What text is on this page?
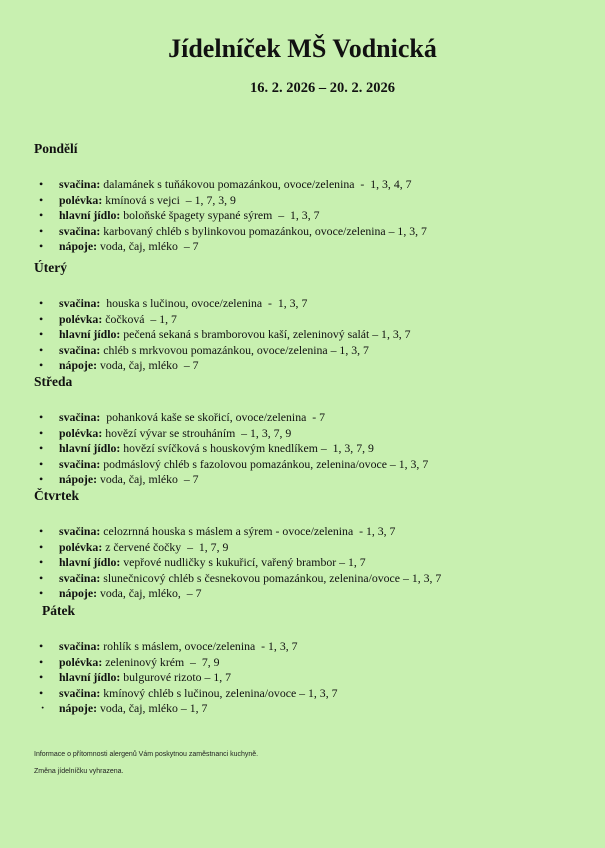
Jídelníček MŠ Vodnická
16. 2. 2026 – 20. 2. 2026
Pondělí
• svačina: dalamánek s tuňákovou pomazánkou, ovoce/zelenina  -  1, 3, 4, 7
• polévka: kmínová s vejci  – 1, 7, 3, 9
• hlavní jídlo: boloňské špagety sypané sýrem  –  1, 3, 7
• svačina: karbovaný chléb s bylinkovou pomazánkou, ovoce/zelenina – 1, 3, 7
• nápoje: voda, čaj, mléko  – 7
Úterý
• svačina:  houska s lučinou, ovoce/zelenina  -  1, 3, 7
• polévka: čočková  – 1, 7
• hlavní jídlo: pečená sekaná s bramborovou kaší, zeleninový salát – 1, 3, 7
• svačina: chléb s mrkvovou pomazánkou, ovoce/zelenina – 1, 3, 7
• nápoje: voda, čaj, mléko  – 7
Středa
• svačina:  pohanková kaše se skořicí, ovoce/zelenina  - 7
• polévka: hovězí vývar se strouháním  – 1, 3, 7, 9
• hlavní jídlo: hovězí svíčková s houskovým knedlíkem –  1, 3, 7, 9
• svačina: podmáslový chléb s fazolovou pomazánkou, zelenina/ovoce – 1, 3, 7
• nápoje: voda, čaj, mléko  – 7
Čtvrtek
• svačina: celozrnná houska s máslem a sýrem - ovoce/zelenina  - 1, 3, 7
• polévka: z červené čočky  –  1, 7, 9
• hlavní jídlo: vepřové nudličky s kukuřicí, vařený brambor – 1, 7
• svačina: slunečnicový chléb s česnekovou pomazánkou, zelenina/ovoce – 1, 3, 7
• nápoje: voda, čaj, mléko,  – 7
Pátek
• svačina: rohlík s máslem, ovoce/zelenina  - 1, 3, 7
• polévka: zeleninový krém  –  7, 9
• hlavní jídlo: bulgurové rizoto – 1, 7
• svačina: kmínový chléb s lučinou, zelenina/ovoce – 1, 3, 7
· nápoje: voda, čaj, mléko – 1, 7
Informace o přítomnosti alergenů Vám poskytnou zaměstnanci kuchyně.
Změna jídelníčku vyhrazena.
